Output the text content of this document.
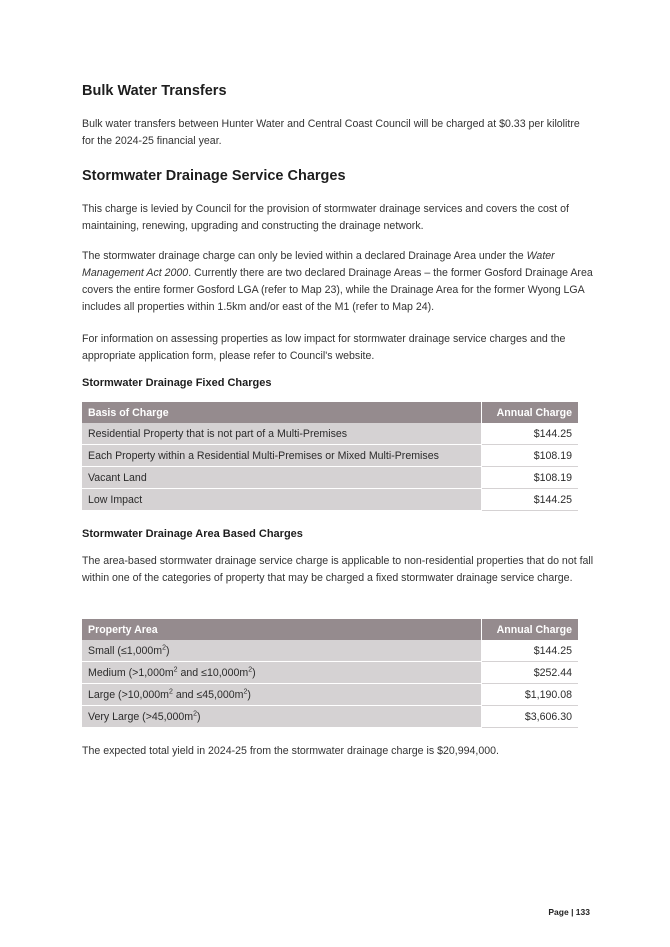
Bulk Water Transfers

Bulk water transfers between Hunter Water and Central Coast Council will be charged at $0.33 per kilolitre for the 2024-25 financial year.

Stormwater Drainage Service Charges

This charge is levied by Council for the provision of stormwater drainage services and covers the cost of maintaining, renewing, upgrading and constructing the drainage network.

The stormwater drainage charge can only be levied within a declared Drainage Area under the Water Management Act 2000. Currently there are two declared Drainage Areas – the former Gosford Drainage Area covers the entire former Gosford LGA (refer to Map 23), while the Drainage Area for the former Wyong LGA includes all properties within 1.5km and/or east of the M1 (refer to Map 24).

For information on assessing properties as low impact for stormwater drainage service charges and the appropriate application form, please refer to Council's website.

Stormwater Drainage Fixed Charges
Basis of Charge	Annual Charge
Residential Property that is not part of a Multi-Premises	$144.25
Each Property within a Residential Multi-Premises or Mixed Multi-Premises	$108.19
Vacant Land	$108.19
Low Impact	$144.25
Stormwater Drainage Area Based Charges

The area-based stormwater drainage service charge is applicable to non-residential properties that do not fall within one of the categories of property that may be charged a fixed stormwater drainage service charge.

Property Area	Annual Charge
Small $(\le 1,000m^2)$	$144.25
Medium ($>1,000m^2$ and $\le 10,000m^2$)	$252.44
Large ($>10,000m^2$ and $\le 45,000m^2$)	$1,190.08
Very Large $(>45,000m^2)$	$3,606.30

The expected total yield in 2024-25 from the stormwater drainage charge is $20,994,000.

Page | 133
